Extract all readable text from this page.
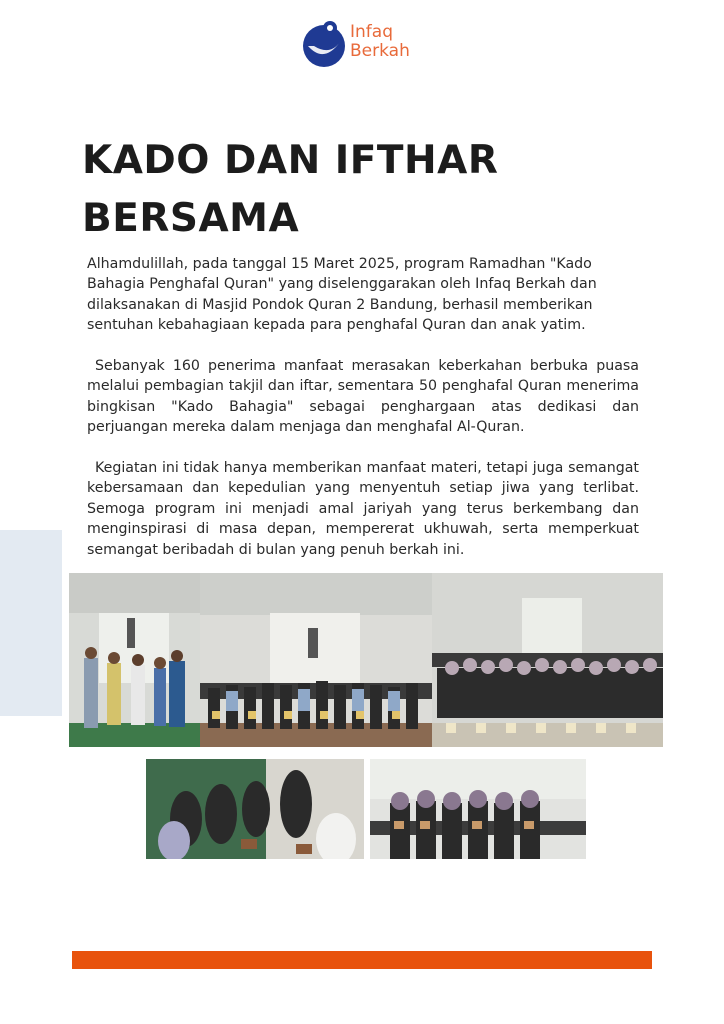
Infaq
Berkah
KADO DAN IFTHAR BERSAMA

Alhamdulillah, pada tanggal 15 Maret 2025, program Ramadhan "Kado Bahagia Penghafal Quran" yang diselenggarakan oleh Infaq Berkah dan dilaksanakan di Masjid Pondok Quran 2 Bandung, berhasil memberikan sentuhan kebahagiaan kepada para penghafal Quran dan anak yatim.

Sebanyak 160 penerima manfaat merasakan keberkahan berbuka puasa melalui pembagian takjil dan iftar, sementara 50 penghafal Quran menerima bingkisan "Kado Bahagia" sebagai penghargaan atas dedikasi dan perjuangan mereka dalam menjaga dan menghafal Al-Quran.

Kegiatan ini tidak hanya memberikan manfaat materi, tetapi juga semangat kebersamaan dan kepedulian yang menyentuh setiap jiwa yang terlibat. Semoga program ini menjadi amal jariyah yang terus berkembang dan menginspirasi di masa depan, mempererat ukhuwah, serta memperkuat semangat beribadah di bulan yang penuh berkah ini.
